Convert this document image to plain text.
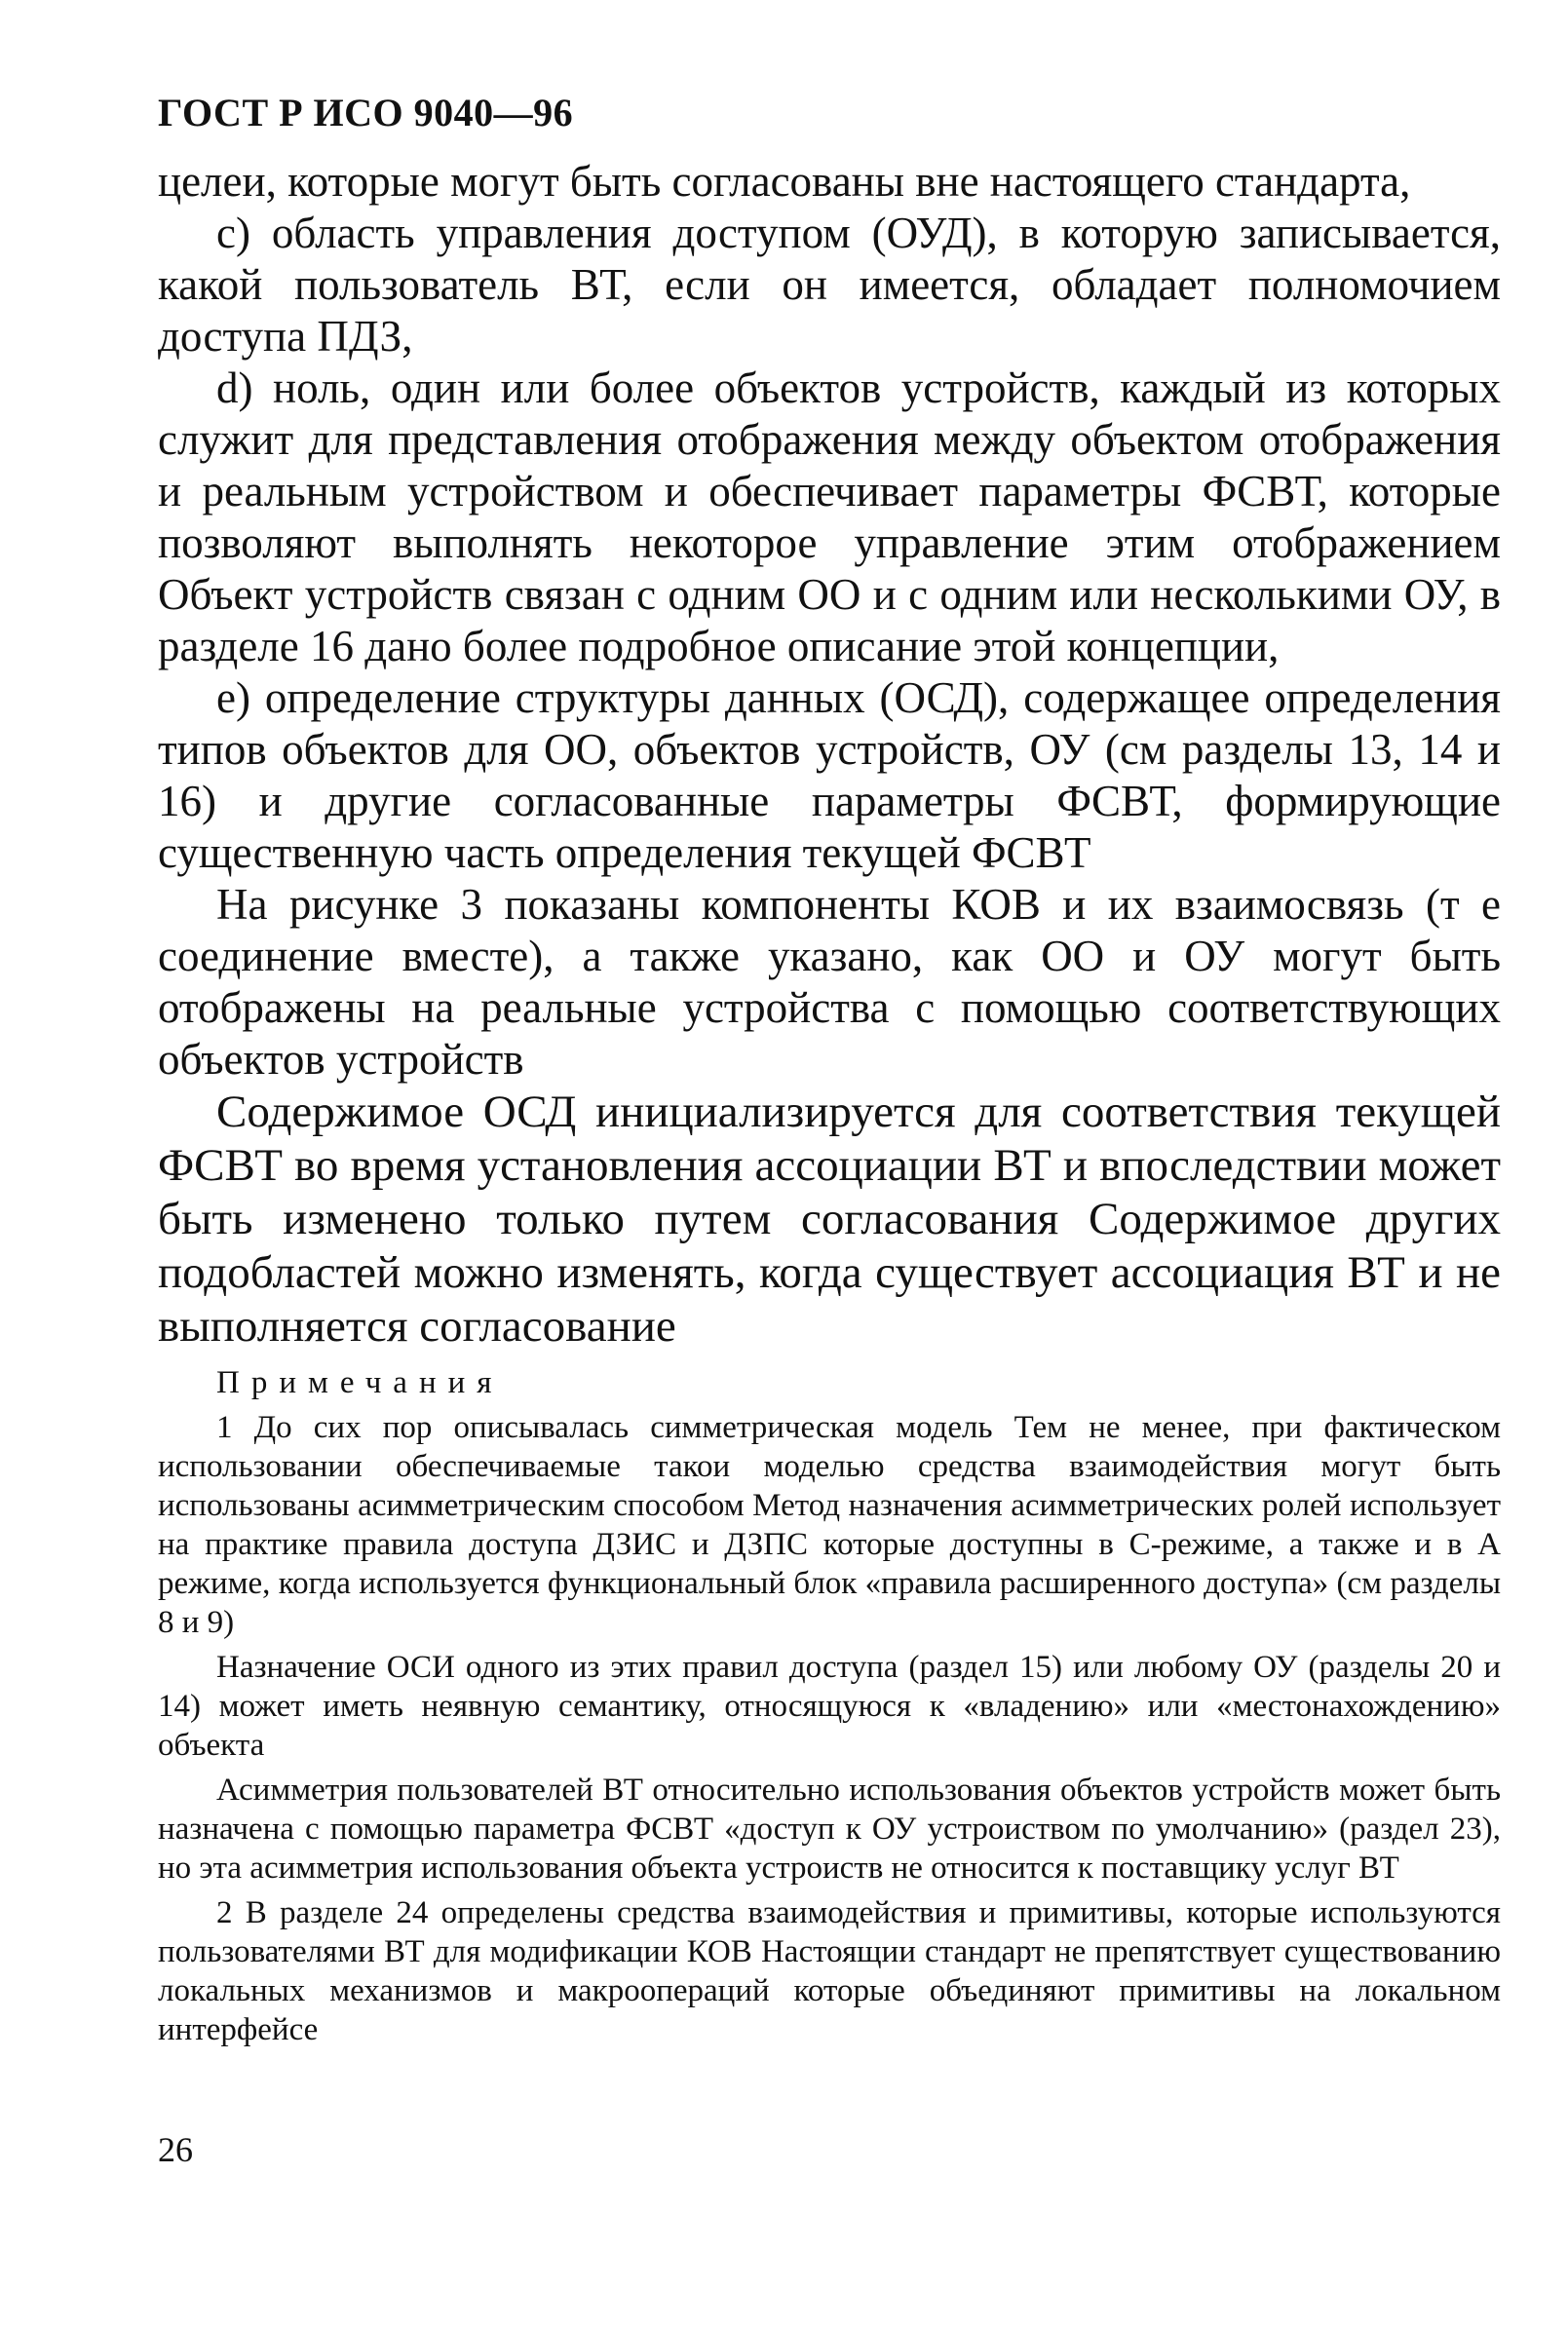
ГОСТ Р ИСО 9040—96

целеи, которые могут быть согласованы вне настоящего стандарта,

с) область управления доступом (ОУД), в которую записывается, какой пользователь ВТ, если он имеется, обладает полномочием доступа ПДЗ,

d) ноль, один или более объектов устройств, каждый из которых служит для представления отображения между объектом отображения и реальным устройством и обеспечивает параметры ФСВТ, которые позволяют выполнять некоторое управление этим отображением Объект устройств связан с одним ОО и с одним или несколькими ОУ, в разделе 16 дано более подробное описание этой концепции,

е) определение структуры данных (ОСД), содержащее определения типов объектов для ОО, объектов устройств, ОУ (см разделы 13, 14 и 16) и другие согласованные параметры ФСВТ, формирующие существенную часть определения текущей ФСВТ

На рисунке 3 показаны компоненты КОВ и их взаимосвязь (т е соединение вместе), а также указано, как ОО и ОУ могут быть отображены на реальные устройства с помощью соответствующих объектов устройств

Содержимое ОСД инициализируется для соответствия текущей ФСВТ во время установления ассоциации ВТ и впоследствии может быть изменено только путем согласования Содержимое других подобластей можно изменять, когда существует ассоциация ВТ и не выполняется согласование

Примечания

1 До сих пор описывалась симметрическая модель Тем не менее, при фактическом использовании обеспечиваемые такои моделью средства взаимодействия могут быть использованы асимметрическим способом Метод назначения асимметрических ролей использует на практике правила доступа ДЗИС и ДЗПС которые доступны в С-режиме, а также и в А режиме, когда используется функциональный блок «правила расширенного доступа» (см разделы 8 и 9)

Назначение ОСИ одного из этих правил доступа (раздел 15) или любому ОУ (разделы 20 и 14) может иметь неявную семантику, относящуюся к «владению» или «местонахождению» объекта

Асимметрия пользователей ВТ относительно использования объектов устройств может быть назначена с помощью параметра ФСВТ «доступ к ОУ устроиством по умолчанию» (раздел 23), но эта асимметрия использования объекта устроиств не относится к поставщику услуг ВТ

2 В разделе 24 определены средства взаимодействия и примитивы, которые используются пользователями ВТ для модификации КОВ Настоящии стандарт не препятствует существованию локальных механизмов и макроопераций которые объединяют примитивы на локальном интерфейсе

26
